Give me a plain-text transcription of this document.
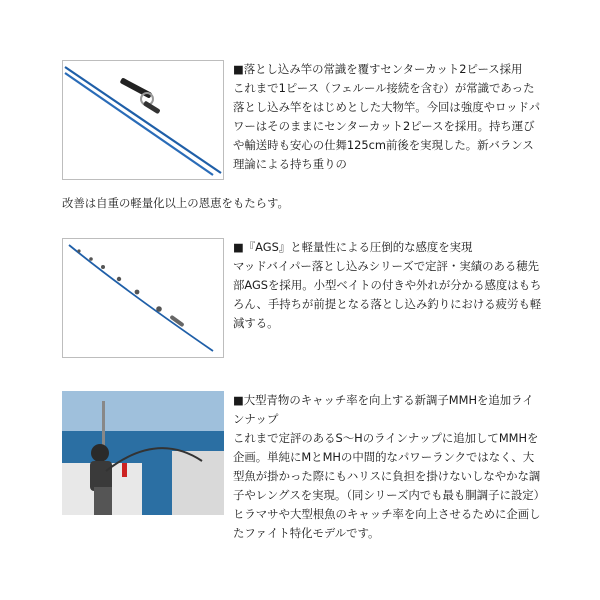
■落とし込み竿の常識を覆すセンターカット2ピース採用
これまで1ピース（フェルール接続を含む）が常識であった落とし込み竿をはじめとした大物竿。今回は強度やロッドパワーはそのままにセンターカット2ピースを採用。持ち運びや輸送時も安心の仕舞125cm前後を実現した。新バランス理論による持ち重りの
改善は自重の軽量化以上の恩恵をもたらす。
■『AGS』と軽量性による圧倒的な感度を実現
マッドバイパー落とし込みシリーズで定評・実績のある穂先部AGSを採用。小型ベイトの付きや外れが分かる感度はもちろん、手持ちが前提となる落とし込み釣りにおける疲労も軽減する。
■大型青物のキャッチ率を向上する新調子MMHを追加ラインナップ
これまで定評のあるS〜Hのラインナップに追加してMMHを企画。単純にMとMHの中間的なパワーランクではなく、大型魚が掛かった際にもハリスに負担を掛けないしなやかな調子やレングスを実現。（同シリーズ内でも最も胴調子に設定）ヒラマサや大型根魚のキャッチ率を向上させるために企画したファイト特化モデルです。
